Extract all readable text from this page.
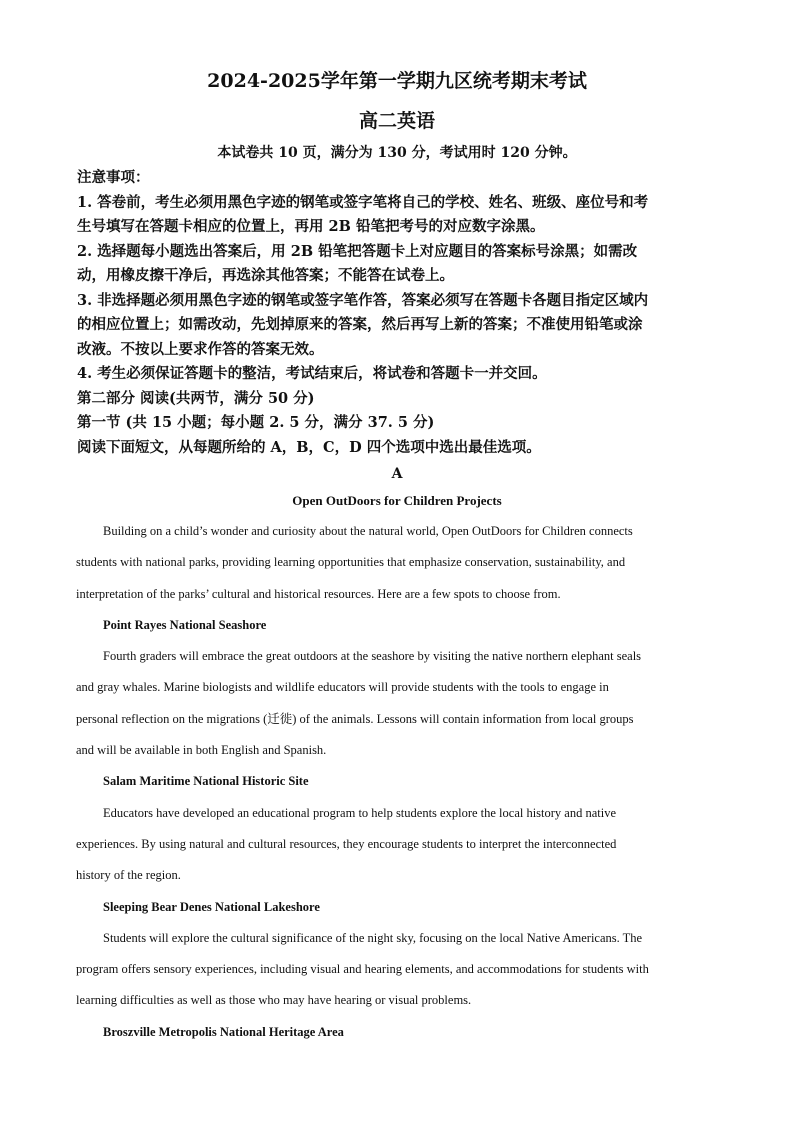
2024-2025学年第一学期九区统考期末考试
高二英语
本试卷共 10 页，满分为 130 分，考试用时 120 分钟。
注意事项：
1. 答卷前，考生必须用黑色字迹的钢笔或签字笔将自己的学校、姓名、班级、座位号和考
生号填写在答题卡相应的位置上，再用 2B 铅笔把考号的对应数字涂黑。
2. 选择题每小题选出答案后，用 2B 铅笔把答题卡上对应题目的答案标号涂黑；如需改
动，用橡皮擦干净后，再选涂其他答案；不能答在试卷上。
3. 非选择题必须用黑色字迹的钢笔或签字笔作答，答案必须写在答题卡各题目指定区域内
的相应位置上；如需改动，先划掉原来的答案，然后再写上新的答案；不准使用铅笔或涂
改液。不按以上要求作答的答案无效。
4. 考生必须保证答题卡的整洁，考试结束后，将试卷和答题卡一并交回。
第二部分 阅读(共两节，满分 50 分)
第一节 (共 15 小题；每小题 2. 5 分，满分 37. 5 分)
阅读下面短文，从每题所给的 A，B，C，D 四个选项中选出最佳选项。
A
Open OutDoors for Children Projects
Building on a child’s wonder and curiosity about the natural world, Open OutDoors for Children connects
students with national parks, providing learning opportunities that emphasize conservation, sustainability, and
interpretation of the parks’ cultural and historical resources. Here are a few spots to choose from.
Point Rayes National Seashore
Fourth graders will embrace the great outdoors at the seashore by visiting the native northern elephant seals
and gray whales. Marine biologists and wildlife educators will provide students with the tools to engage in
personal reflection on the migrations (迁徙) of the animals. Lessons will contain information from local groups
and will be available in both English and Spanish.
Salam Maritime National Historic Site
Educators have developed an educational program to help students explore the local history and native
experiences. By using natural and cultural resources, they encourage students to interpret the interconnected
history of the region.
Sleeping Bear Denes National Lakeshore
Students will explore the cultural significance of the night sky, focusing on the local Native Americans. The
program offers sensory experiences, including visual and hearing elements, and accommodations for students with
learning difficulties as well as those who may have hearing or visual problems.
Broszville Metropolis National Heritage Area
